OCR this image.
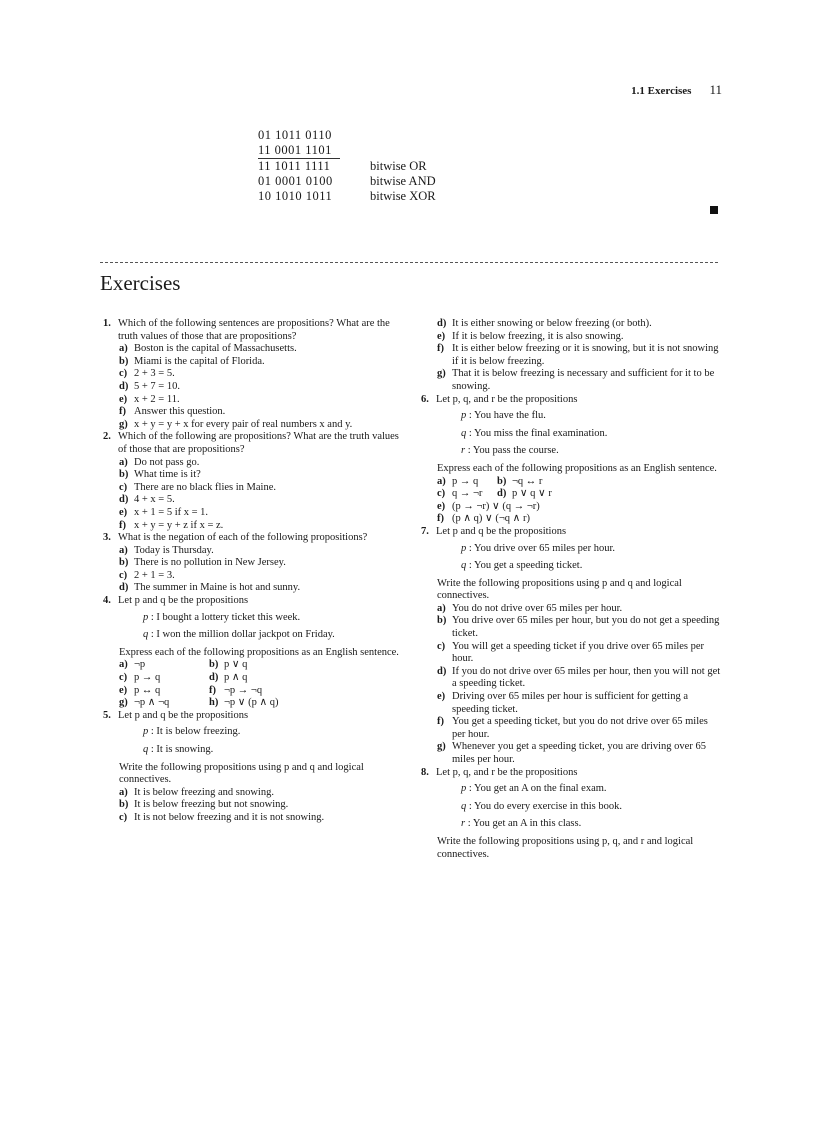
1.1 Exercises 11
01 1011 0110
11 0001 1101
11 1011 1111	bitwise OR
01 0001 0100	bitwise AND
10 1010 1011	bitwise XOR
Exercises
1. Which of the following sentences are propositions? What are the truth values of those that are propositions?
a) Boston is the capital of Massachusetts.
b) Miami is the capital of Florida.
c) 2 + 3 = 5.
d) 5 + 7 = 10.
e) x + 2 = 11.
f) Answer this question.
g) x + y = y + x for every pair of real numbers x and y.
2. Which of the following are propositions? What are the truth values of those that are propositions?
a) Do not pass go.
b) What time is it?
c) There are no black flies in Maine.
d) 4 + x = 5.
e) x + 1 = 5 if x = 1.
f) x + y = y + z if x = z.
3. What is the negation of each of the following propositions?
a) Today is Thursday.
b) There is no pollution in New Jersey.
c) 2 + 1 = 3.
d) The summer in Maine is hot and sunny.
4. Let p and q be the propositions
p : I bought a lottery ticket this week.
q : I won the million dollar jackpot on Friday.
Express each of the following propositions as an English sentence.
a) ¬p	b) p ∨ q
c) p → q	d) p ∧ q
e) p ↔ q	f) ¬p → ¬q
g) ¬p ∧ ¬q	h) ¬p ∨ (p ∧ q)
5. Let p and q be the propositions
p : It is below freezing.
q : It is snowing.
Write the following propositions using p and q and logical connectives.
a) It is below freezing and snowing.
b) It is below freezing but not snowing.
c) It is not below freezing and it is not snowing.
d) It is either snowing or below freezing (or both).
e) If it is below freezing, it is also snowing.
f) It is either below freezing or it is snowing, but it is not snowing if it is below freezing.
g) That it is below freezing is necessary and sufficient for it to be snowing.
6. Let p, q, and r be the propositions
p : You have the flu.
q : You miss the final examination.
r : You pass the course.
Express each of the following propositions as an English sentence.
a) p → q	b) ¬q ↔ r
c) q → ¬r	d) p ∨ q ∨ r
e) (p → ¬r) ∨ (q → ¬r)
f) (p ∧ q) ∨ (¬q ∧ r)
7. Let p and q be the propositions
p : You drive over 65 miles per hour.
q : You get a speeding ticket.
Write the following propositions using p and q and logical connectives.
a) You do not drive over 65 miles per hour.
b) You drive over 65 miles per hour, but you do not get a speeding ticket.
c) You will get a speeding ticket if you drive over 65 miles per hour.
d) If you do not drive over 65 miles per hour, then you will not get a speeding ticket.
e) Driving over 65 miles per hour is sufficient for getting a speeding ticket.
f) You get a speeding ticket, but you do not drive over 65 miles per hour.
g) Whenever you get a speeding ticket, you are driving over 65 miles per hour.
8. Let p, q, and r be the propositions
p : You get an A on the final exam.
q : You do every exercise in this book.
r : You get an A in this class.
Write the following propositions using p, q, and r and logical connectives.
